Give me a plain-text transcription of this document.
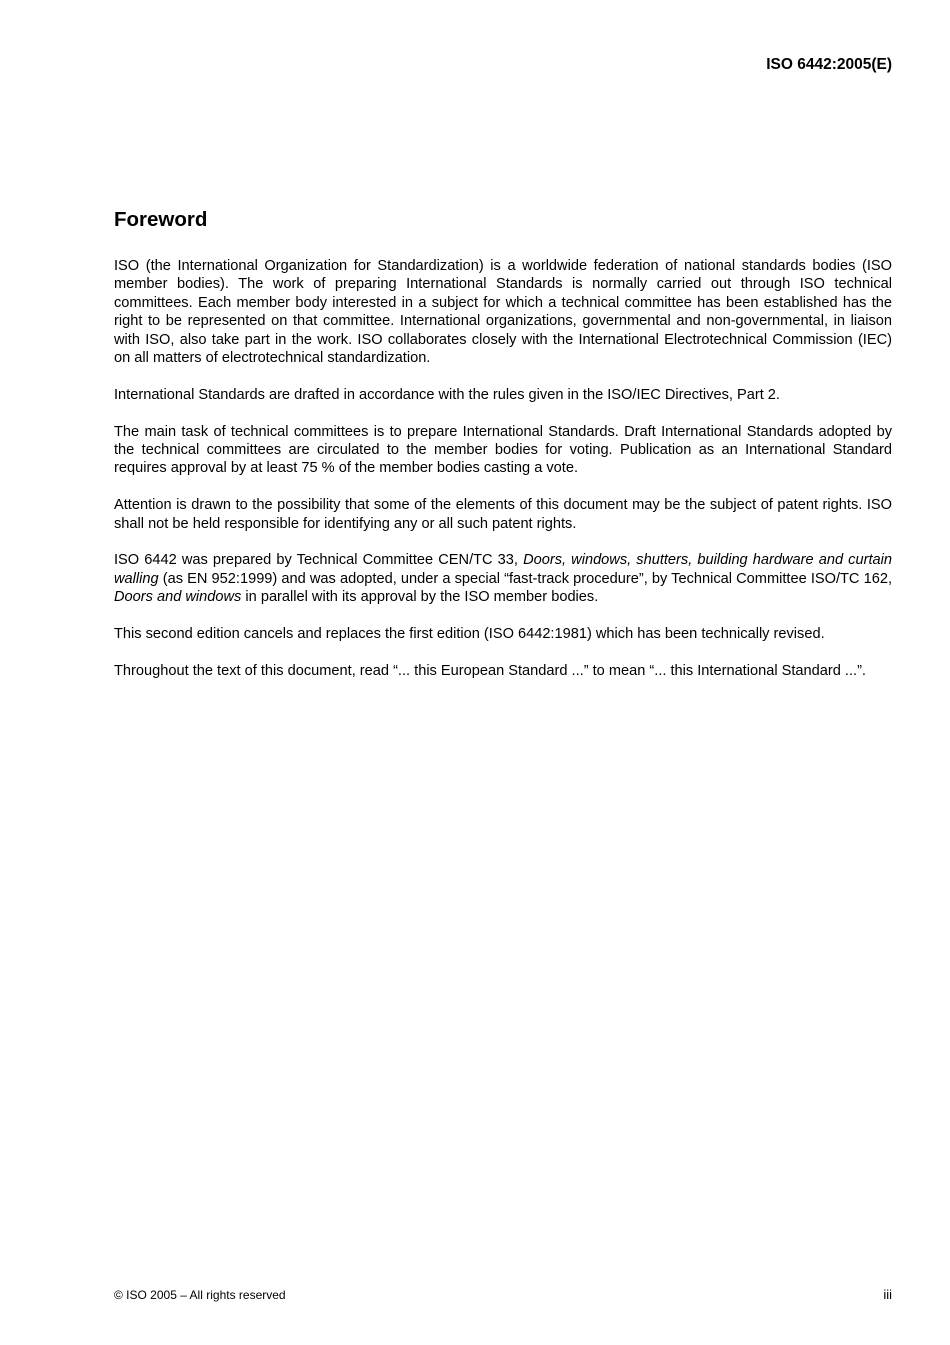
ISO 6442:2005(E)
Foreword

ISO (the International Organization for Standardization) is a worldwide federation of national standards bodies (ISO member bodies). The work of preparing International Standards is normally carried out through ISO technical committees. Each member body interested in a subject for which a technical committee has been established has the right to be represented on that committee. International organizations, governmental and non-governmental, in liaison with ISO, also take part in the work. ISO collaborates closely with the International Electrotechnical Commission (IEC) on all matters of electrotechnical standardization.

International Standards are drafted in accordance with the rules given in the ISO/IEC Directives, Part 2.

The main task of technical committees is to prepare International Standards. Draft International Standards adopted by the technical committees are circulated to the member bodies for voting. Publication as an International Standard requires approval by at least 75 % of the member bodies casting a vote.

Attention is drawn to the possibility that some of the elements of this document may be the subject of patent rights. ISO shall not be held responsible for identifying any or all such patent rights.

ISO 6442 was prepared by Technical Committee CEN/TC 33, Doors, windows, shutters, building hardware and curtain walling (as EN 952:1999) and was adopted, under a special “fast-track procedure”, by Technical Committee ISO/TC 162, Doors and windows in parallel with its approval by the ISO member bodies.

This second edition cancels and replaces the first edition (ISO 6442:1981) which has been technically revised.

Throughout the text of this document, read “... this European Standard ...” to mean “... this International Standard ...”.

© ISO 2005 – All rights reserved	iii
